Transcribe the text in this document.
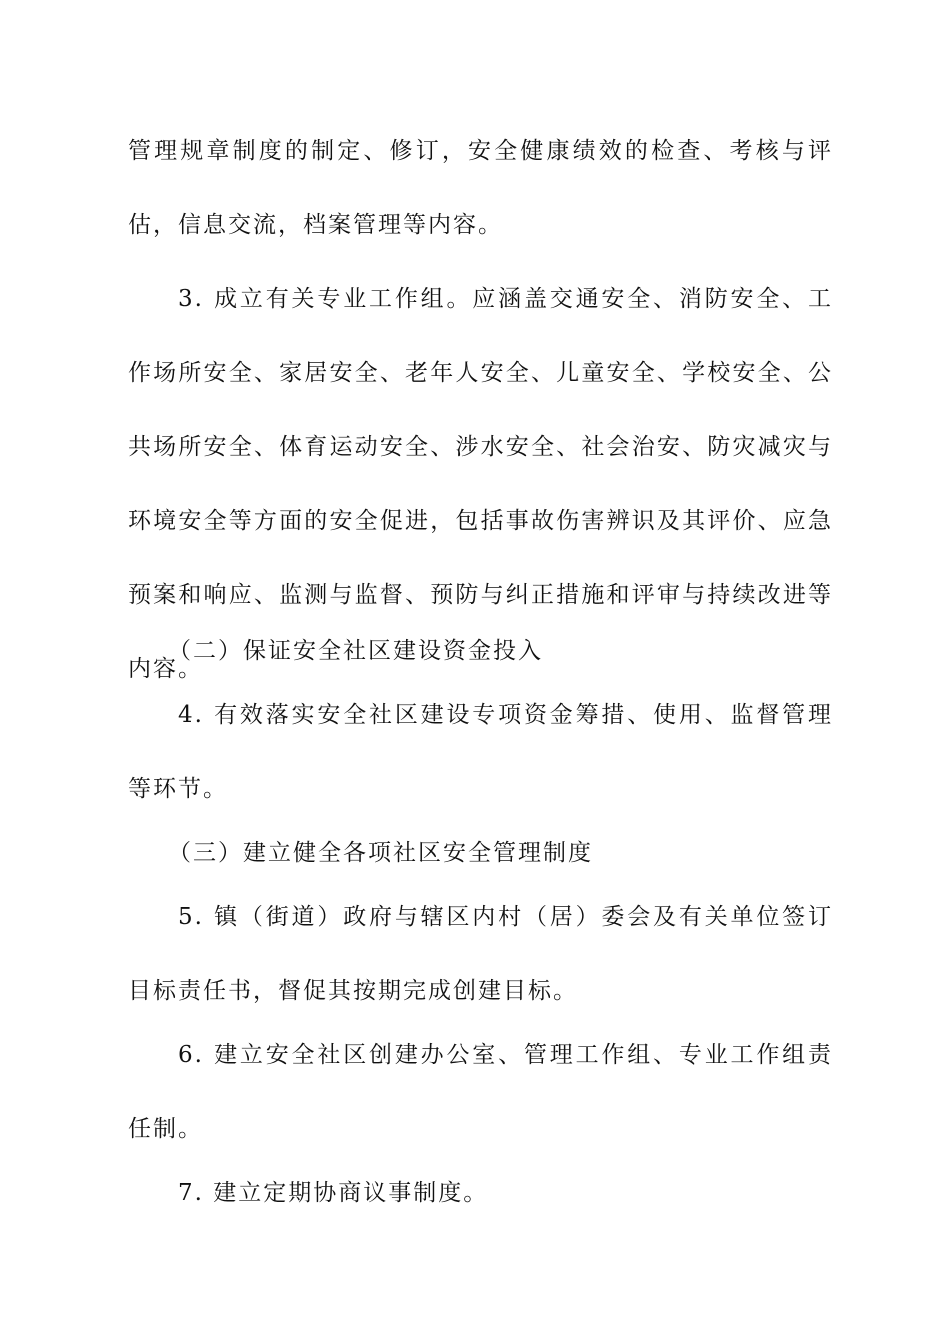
管理规章制度的制定、修订，安全健康绩效的检查、考核与评估，信息交流，档案管理等内容。

3. 成立有关专业工作组。应涵盖交通安全、消防安全、工作场所安全、家居安全、老年人安全、儿童安全、学校安全、公共场所安全、体育运动安全、涉水安全、社会治安、防灾减灾与环境安全等方面的安全促进，包括事故伤害辨识及其评价、应急预案和响应、监测与监督、预防与纠正措施和评审与持续改进等内容。

（二）保证安全社区建设资金投入

4. 有效落实安全社区建设专项资金筹措、使用、监督管理等环节。

（三）建立健全各项社区安全管理制度

5. 镇（街道）政府与辖区内村（居）委会及有关单位签订目标责任书，督促其按期完成创建目标。

6. 建立安全社区创建办公室、管理工作组、专业工作组责任制。

7. 建立定期协商议事制度。
